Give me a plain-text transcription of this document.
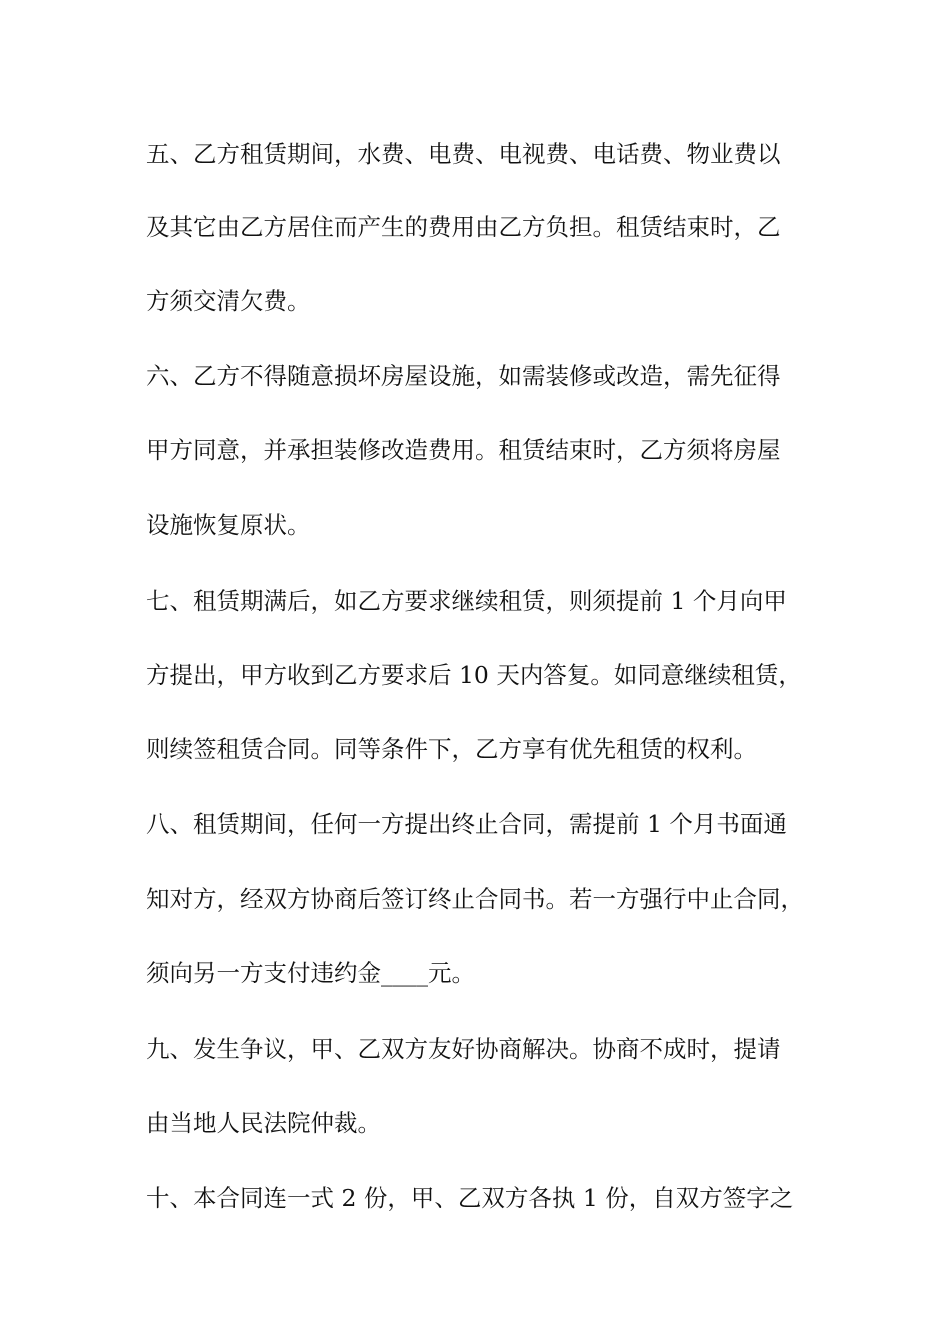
五、乙方租赁期间，水费、电费、电视费、电话费、物业费以
及其它由乙方居住而产生的费用由乙方负担。租赁结束时，乙
方须交清欠费。
六、乙方不得随意损坏房屋设施，如需装修或改造，需先征得
甲方同意，并承担装修改造费用。租赁结束时，乙方须将房屋
设施恢复原状。
七、租赁期满后，如乙方要求继续租赁，则须提前 1 个月向甲
方提出，甲方收到乙方要求后 10 天内答复。如同意继续租赁，
则续签租赁合同。同等条件下，乙方享有优先租赁的权利。
八、租赁期间，任何一方提出终止合同，需提前 1 个月书面通
知对方，经双方协商后签订终止合同书。若一方强行中止合同，
须向另一方支付违约金____元。
九、发生争议，甲、乙双方友好协商解决。协商不成时，提请
由当地人民法院仲裁。
十、本合同连一式 2 份，甲、乙双方各执 1 份，自双方签字之
